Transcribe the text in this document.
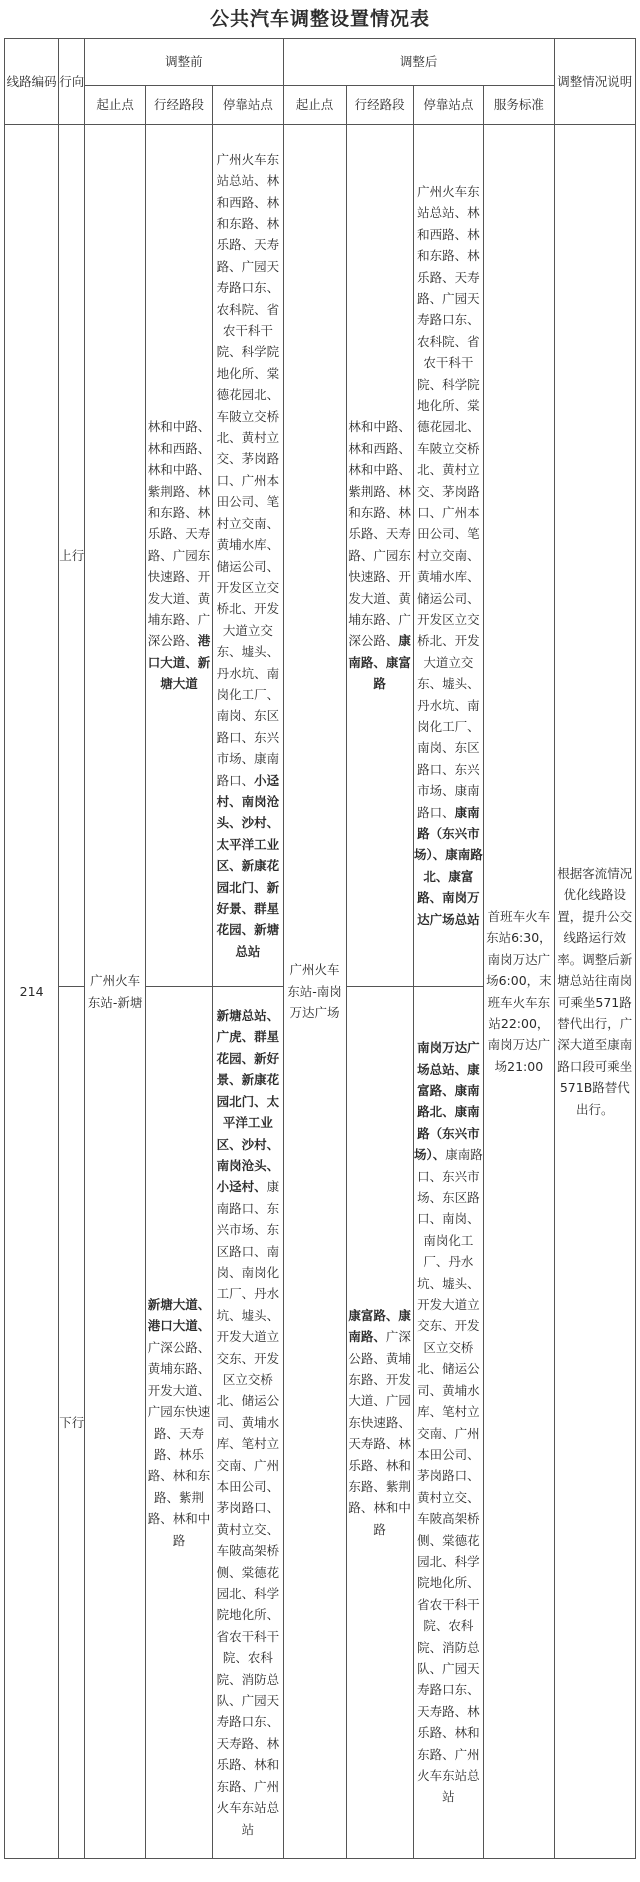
公共汽车调整设置情况表
线路编码	行向	调整前			调整后				调整情况说明
		起止点	行经路段	停靠站点	起止点	行经路段	停靠站点	服务标准	
214	上行	广州火车东站-新塘	林和中路、林和西路、林和中路、紫荆路、林和东路、林乐路、天寿路、广园东快速路、开发大道、黄埔东路、广深公路、港口大道、新塘大道	广州火车东站总站、林和西路、林和东路、林乐路、天寿路、广园天寿路口东、农科院、省农干科干院、科学院地化所、棠德花园北、车陂立交桥北、黄村立交、茅岗路口、广州本田公司、笔村立交南、黄埔水库、储运公司、开发区立交桥北、开发大道立交东、墟头、丹水坑、南岗化工厂、南岗、东区路口、东兴市场、康南路口、小迳村、南岗沧头、沙村、太平洋工业区、新康花园北门、新好景、群星花园、新塘总站	广州火车东站-南岗万达广场	林和中路、林和西路、林和中路、紫荆路、林和东路、林乐路、天寿路、广园东快速路、开发大道、黄埔东路、广深公路、康南路、康富路	广州火车东站总站、林和西路、林和东路、林乐路、天寿路、广园天寿路口东、农科院、省农干科干院、科学院地化所、棠德花园北、车陂立交桥北、黄村立交、茅岗路口、广州本田公司、笔村立交南、黄埔水库、储运公司、开发区立交桥北、开发大道立交东、墟头、丹水坑、南岗化工厂、南岗、东区路口、东兴市场、康南路口、康南路（东兴市场）、康南路北、康富路、南岗万达广场总站	首班车火车东站6:30，南岗万达广场6:00，末班车火车东站22:00，南岗万达广场21:00	根据客流情况优化线路设置，提升公交线路运行效率。调整后新塘总站往南岗可乘坐571路替代出行，广深大道至康南路口段可乘坐571B路替代出行。
	下行		新塘大道、港口大道、广深公路、黄埔东路、开发大道、广园东快速路、天寿路、林乐路、林和东路、紫荆路、林和中路	新塘总站、广虎、群星花园、新好景、新康花园北门、太平洋工业区、沙村、南岗沧头、小迳村、康南路口、东兴市场、东区路口、南岗、南岗化工厂、丹水坑、墟头、开发大道立交东、开发区立交桥北、储运公司、黄埔水库、笔村立交南、广州本田公司、茅岗路口、黄村立交、车陂高架桥侧、棠德花园北、科学院地化所、省农干科干院、农科院、消防总队、广园天寿路口东、天寿路、林乐路、林和东路、广州火车东站总站		康富路、康南路、广深公路、黄埔东路、开发大道、广园东快速路、天寿路、林乐路、林和东路、紫荆路、林和中路	南岗万达广场总站、康富路、康南路北、康南路（东兴市场）、康南路口、东兴市场、东区路口、南岗、南岗化工厂、丹水坑、墟头、开发大道立交东、开发区立交桥北、储运公司、黄埔水库、笔村立交南、广州本田公司、茅岗路口、黄村立交、车陂高架桥侧、棠德花园北、科学院地化所、省农干科干院、农科院、消防总队、广园天寿路口东、天寿路、林乐路、林和东路、广州火车东站总站		
